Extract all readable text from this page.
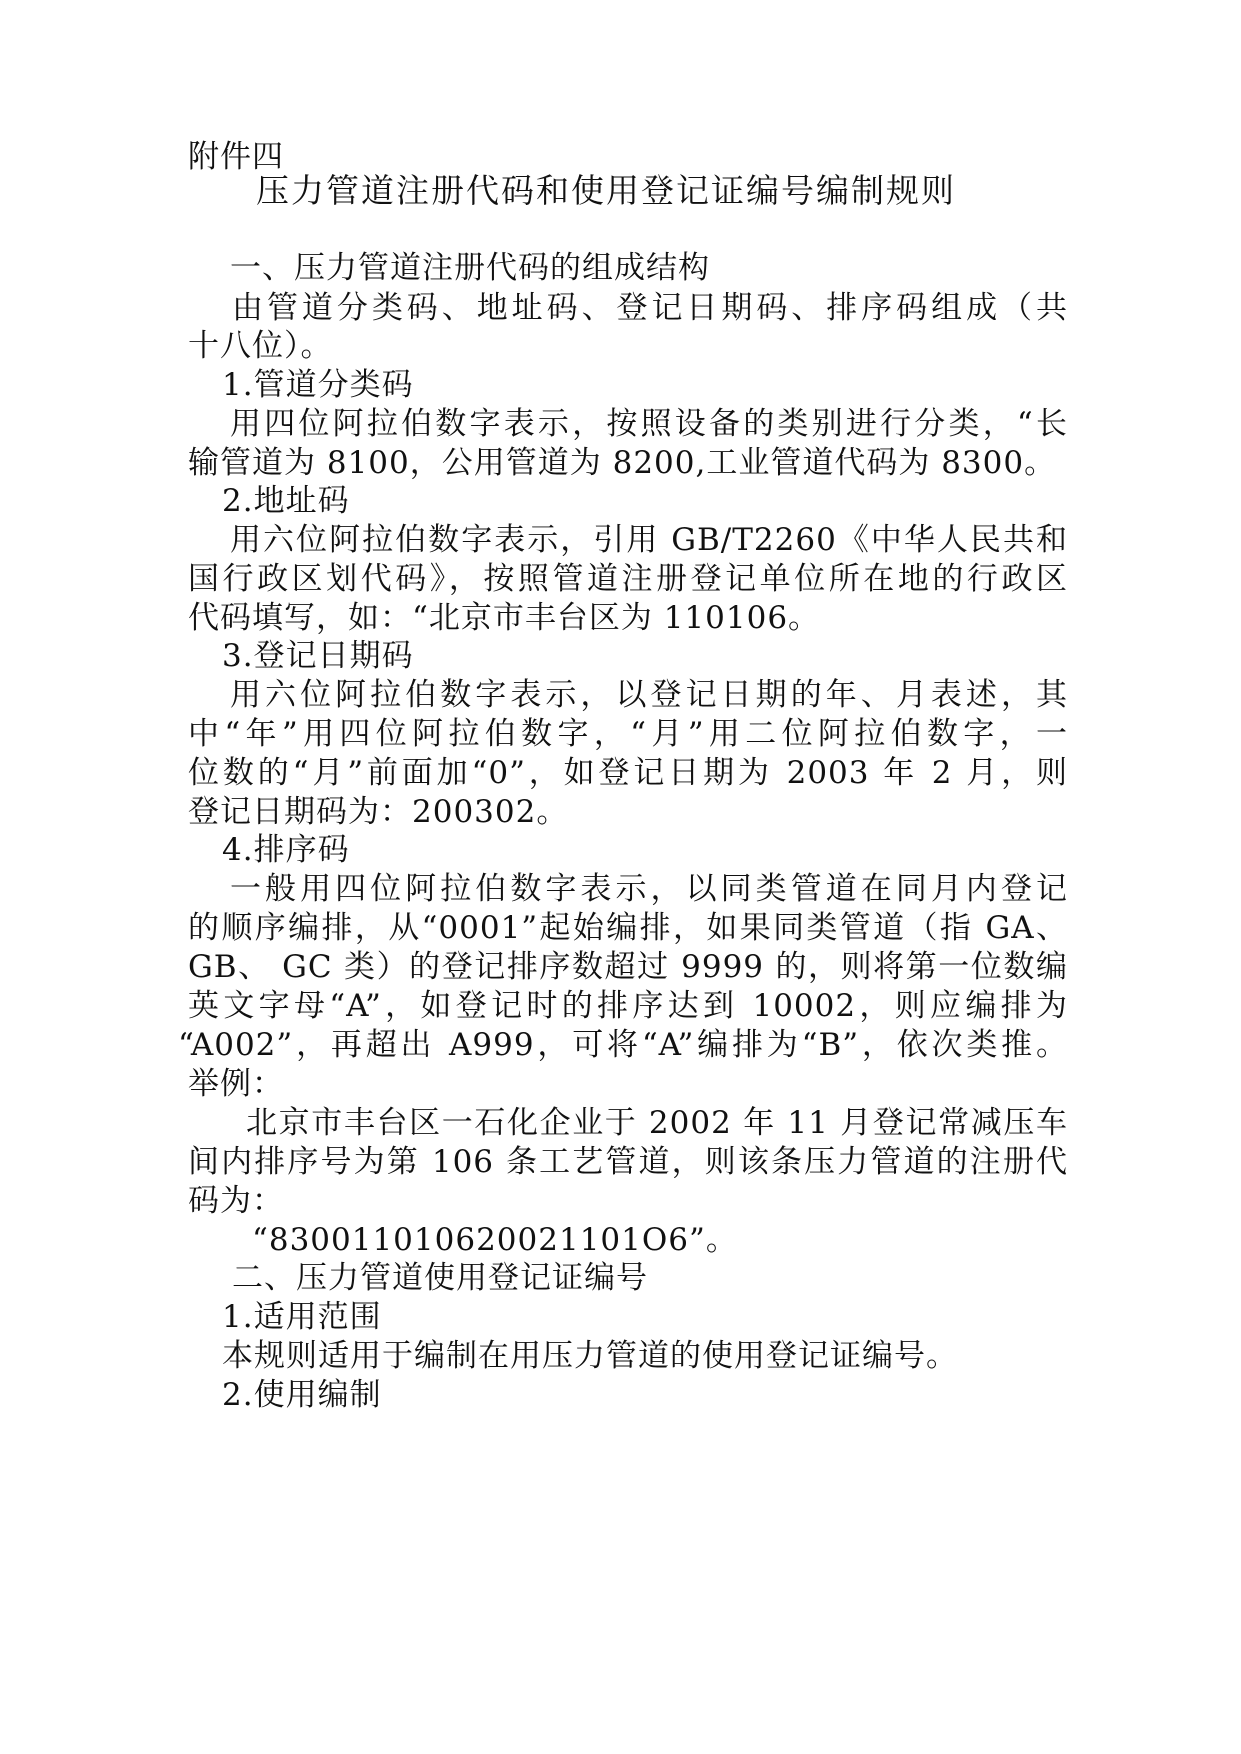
附件四
压力管道注册代码和使用登记证编号编制规则
一、压力管道注册代码的组成结构
由管道分类码、地址码、登记日期码、排序码组成（共
十八位）。
1.管道分类码
用四位阿拉伯数字表示，按照设备的类别进行分类，“长
输管道为 8100，公用管道为 8200,工业管道代码为 8300。
2.地址码
用六位阿拉伯数字表示，引用 GB/T2260《中华人民共和
国行政区划代码》，按照管道注册登记单位所在地的行政区
代码填写，如：“北京市丰台区为 110106。
3.登记日期码
用六位阿拉伯数字表示，以登记日期的年、月表述，其
中“年”用四位阿拉伯数字，“月”用二位阿拉伯数字，一
位数的“月”前面加“0”，如登记日期为 2003 年 2 月，则
登记日期码为：200302。
4.排序码
一般用四位阿拉伯数字表示，以同类管道在同月内登记
的顺序编排，从“0001”起始编排，如果同类管道（指 GA、
GB、 GC 类）的登记排序数超过 9999 的，则将第一位数编
英文字母“A”，如登记时的排序达到 10002，则应编排为
“A002”，再超出 A999，可将“A”编排为“B”，依次类推。
举例：
北京市丰台区一石化企业于 2002 年 11 月登记常减压车
间内排序号为第 106 条工艺管道，则该条压力管道的注册代
码为：
“830011010620021101O6”。
二、压力管道使用登记证编号
1.适用范围
本规则适用于编制在用压力管道的使用登记证编号。
2.使用编制
